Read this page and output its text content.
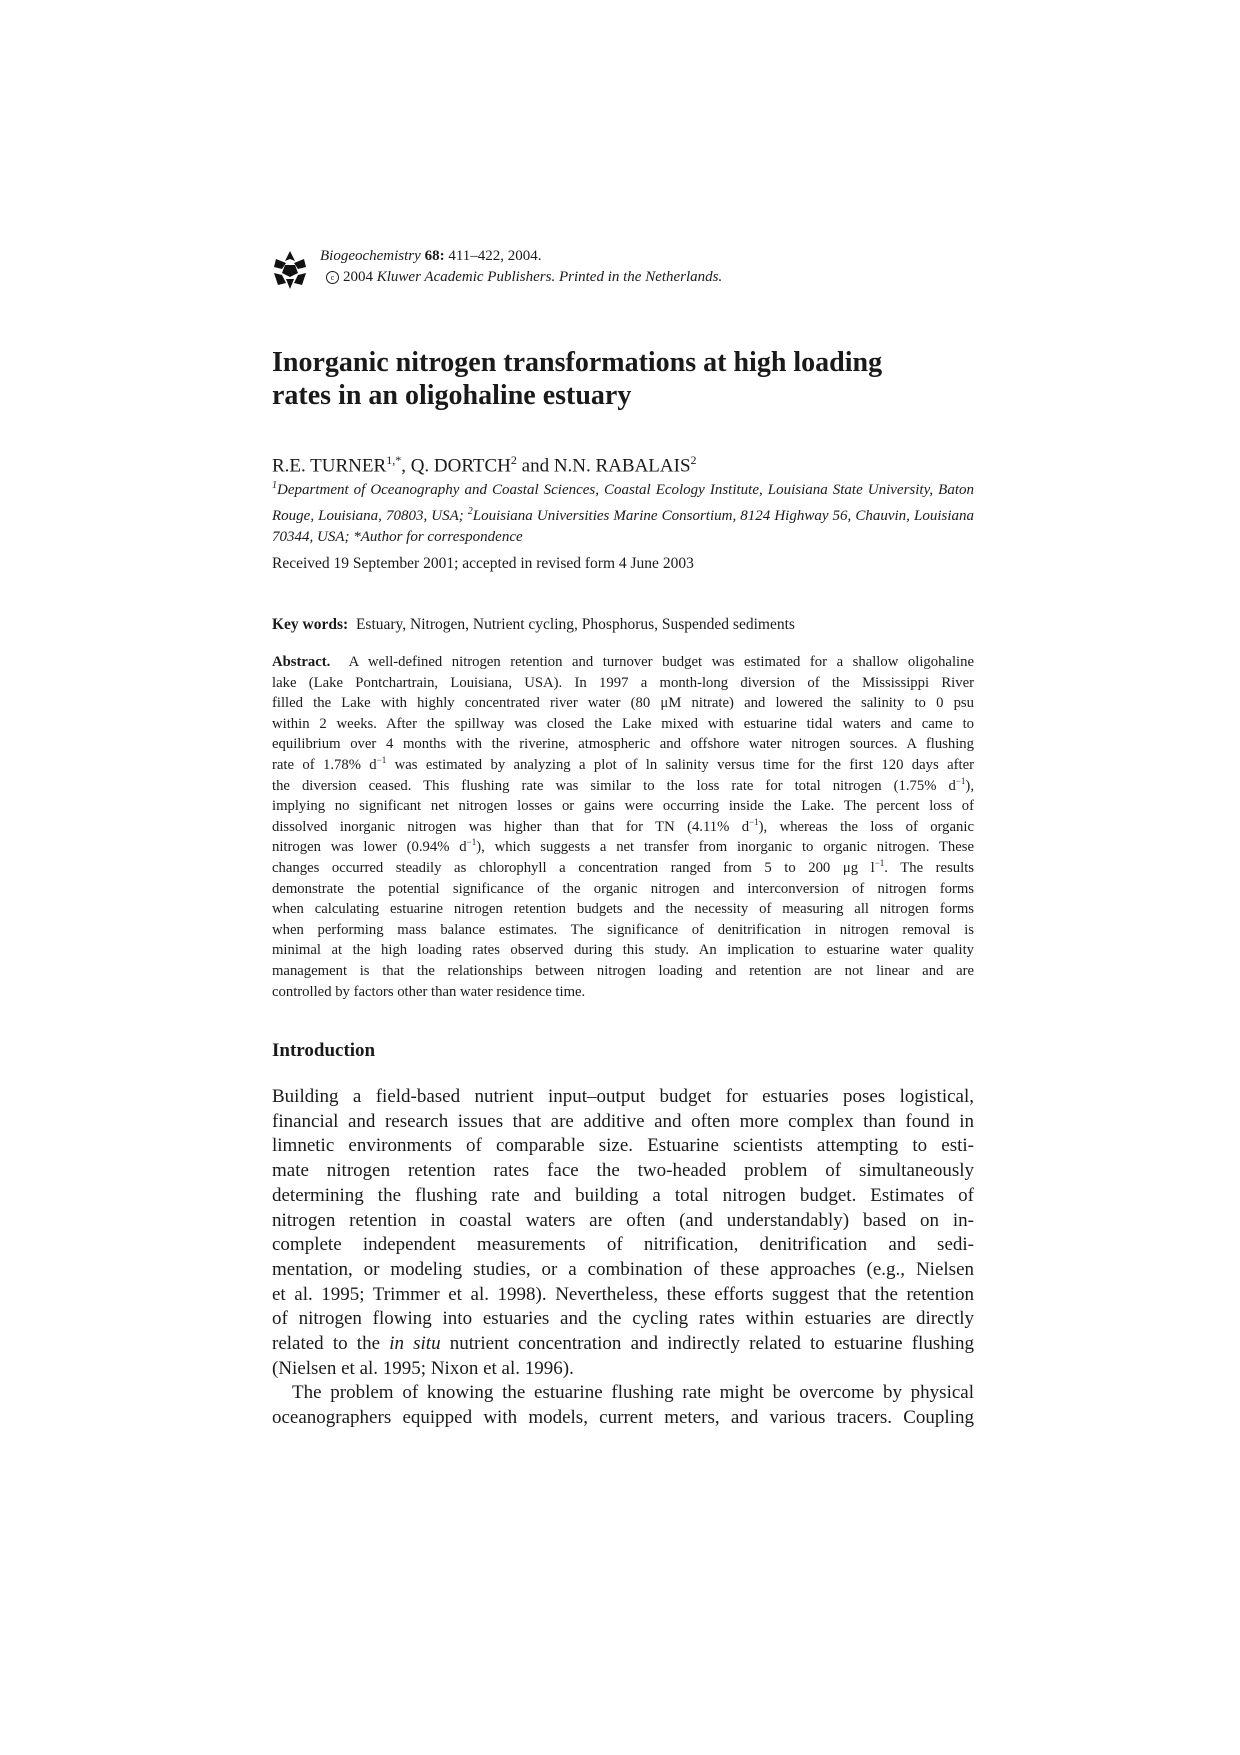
Biogeochemistry 68: 411–422, 2004.
c 2004 Kluwer Academic Publishers. Printed in the Netherlands.
Inorganic nitrogen transformations at high loading
rates in an oligohaline estuary
R.E. $TURNER^{1,*}$, Q. DORTCH$^2$ and N.N. RABALAIS$^2$
$^1$Department of Oceanography and Coastal Sciences, Coastal Ecology Institute, Louisiana State University, Baton Rouge, Louisiana, 70803, USA; $^2$Louisiana Universities Marine Consortium, 8124 Highway 56, Chauvin, Louisiana 70344, USA; *Author for correspondence
Received 19 September 2001; accepted in revised form 4 June 2003
Key words: Estuary, Nitrogen, Nutrient cycling, Phosphorus, Suspended sediments
Abstract. A well-defined nitrogen retention and turnover budget was estimated for a shallow oligohaline
lake (Lake Pontchartrain, Louisiana, USA). In 1997 a month-long diversion of the Mississippi River
filled the Lake with highly concentrated river water (80 μM nitrate) and lowered the salinity to 0 psu
within 2 weeks. After the spillway was closed the Lake mixed with estuarine tidal waters and came to
equilibrium over 4 months with the riverine, atmospheric and offshore water nitrogen sources. A flushing
rate of 1.78% $d^{-1}$ was estimated by analyzing a plot of ln salinity versus time for the first 120 days after
the diversion ceased. This flushing rate was similar to the loss rate for total nitrogen (1.75% $d^{-1}$),
implying no significant net nitrogen losses or gains were occurring inside the Lake. The percent loss of
dissolved inorganic nitrogen was higher than that for TN (4.11% $d^{-1}$), whereas the loss of organic
nitrogen was lower (0.94% $d^{-1}$), which suggests a net transfer from inorganic to organic nitrogen. These
changes occurred steadily as chlorophyll a concentration ranged from 5 to 200 μg $l^{-1}$. The results
demonstrate the potential significance of the organic nitrogen and interconversion of nitrogen forms
when calculating estuarine nitrogen retention budgets and the necessity of measuring all nitrogen forms
when performing mass balance estimates. The significance of denitrification in nitrogen removal is
minimal at the high loading rates observed during this study. An implication to estuarine water quality
management is that the relationships between nitrogen loading and retention are not linear and are
controlled by factors other than water residence time.
Introduction
Building a field-based nutrient input–output budget for estuaries poses logistical,
financial and research issues that are additive and often more complex than found in
limnetic environments of comparable size. Estuarine scientists attempting to esti-
mate nitrogen retention rates face the two-headed problem of simultaneously
determining the flushing rate and building a total nitrogen budget. Estimates of
nitrogen retention in coastal waters are often (and understandably) based on in-
complete independent measurements of nitrification, denitrification and sedi-
mentation, or modeling studies, or a combination of these approaches (e.g., Nielsen
et al. 1995; Trimmer et al. 1998). Nevertheless, these efforts suggest that the retention
of nitrogen flowing into estuaries and the cycling rates within estuaries are directly
related to the in situ nutrient concentration and indirectly related to estuarine flushing
(Nielsen et al. 1995; Nixon et al. 1996).
The problem of knowing the estuarine flushing rate might be overcome by physical
oceanographers equipped with models, current meters, and various tracers. Coupling
